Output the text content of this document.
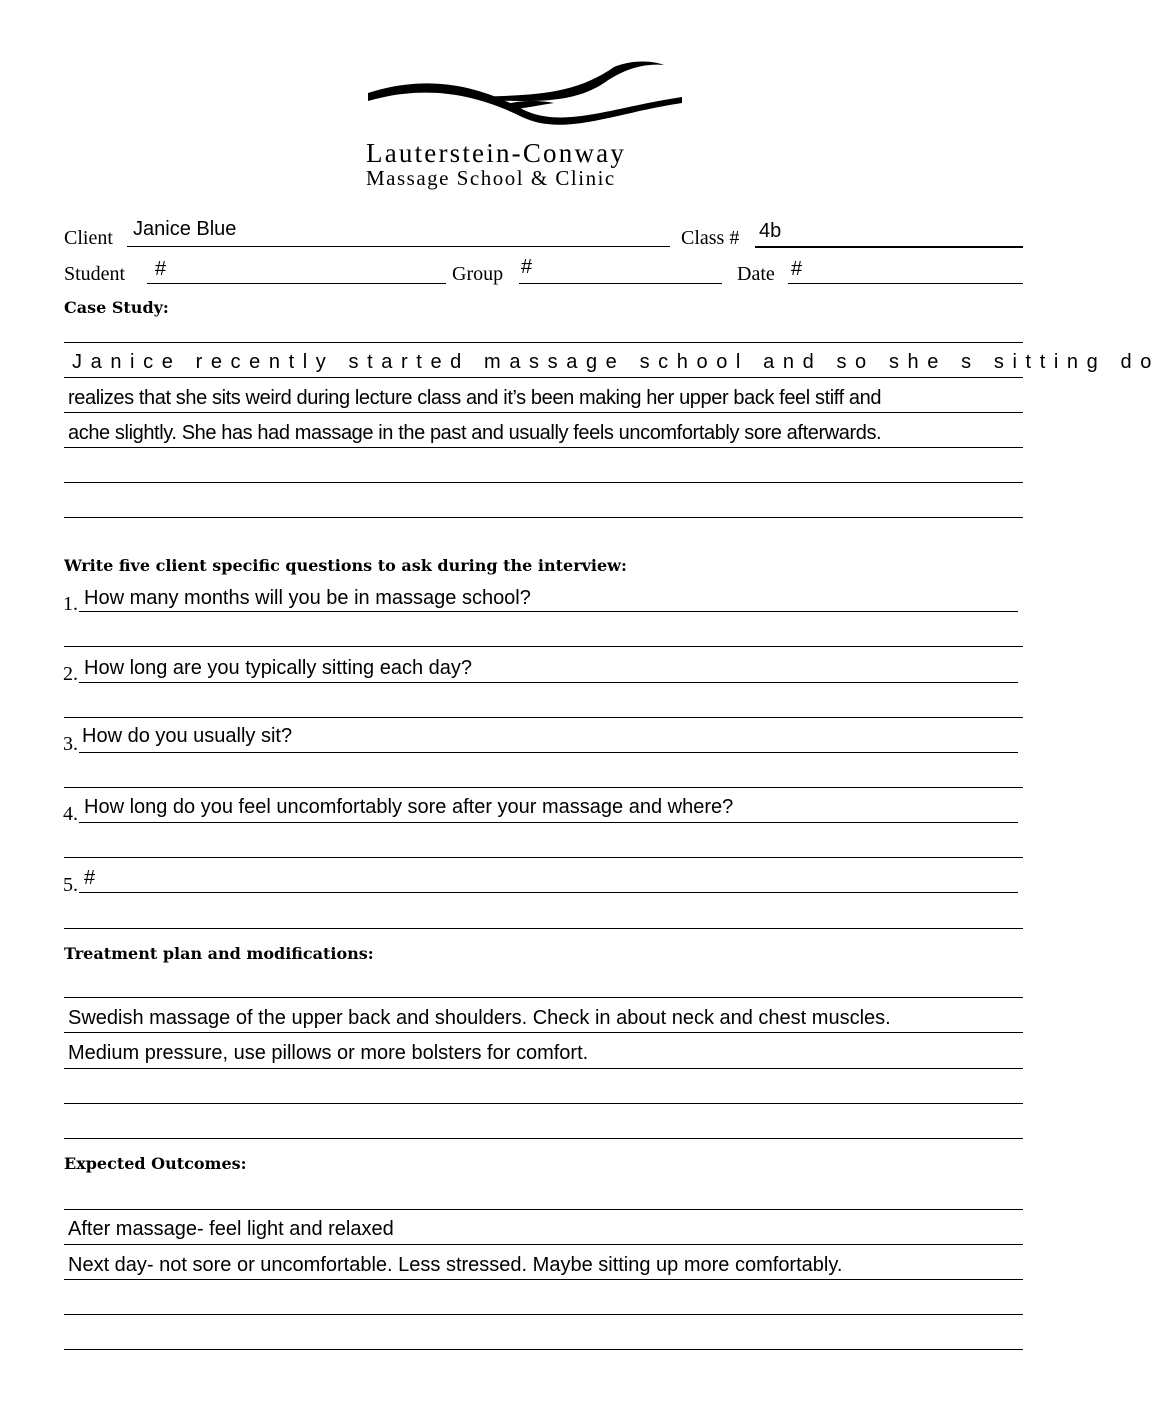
Lauterstein-Conway
Massage School & Clinic
Client Janice Blue	Class # 4b
Student #	Group #	Date #
Case Study:
Janice recently started massage school and so she s sitting do
realizes that she sits weird during lecture class and it’s been making her upper back feel stiff and
ache slightly. She has had massage in the past and usually feels uncomfortably sore afterwards.
Write five client specific questions to ask during the interview:
1. How many months will you be in massage school?
2. How long are you typically sitting each day?
3. How do you usually sit?
4. How long do you feel uncomfortably sore after your massage and where?
5. #
Treatment plan and modifications:
Swedish massage of the upper back and shoulders. Check in about neck and chest muscles.
Medium pressure, use pillows or more bolsters for comfort.
Expected Outcomes:
After massage- feel light and relaxed
Next day- not sore or uncomfortable. Less stressed. Maybe sitting up more comfortably.
